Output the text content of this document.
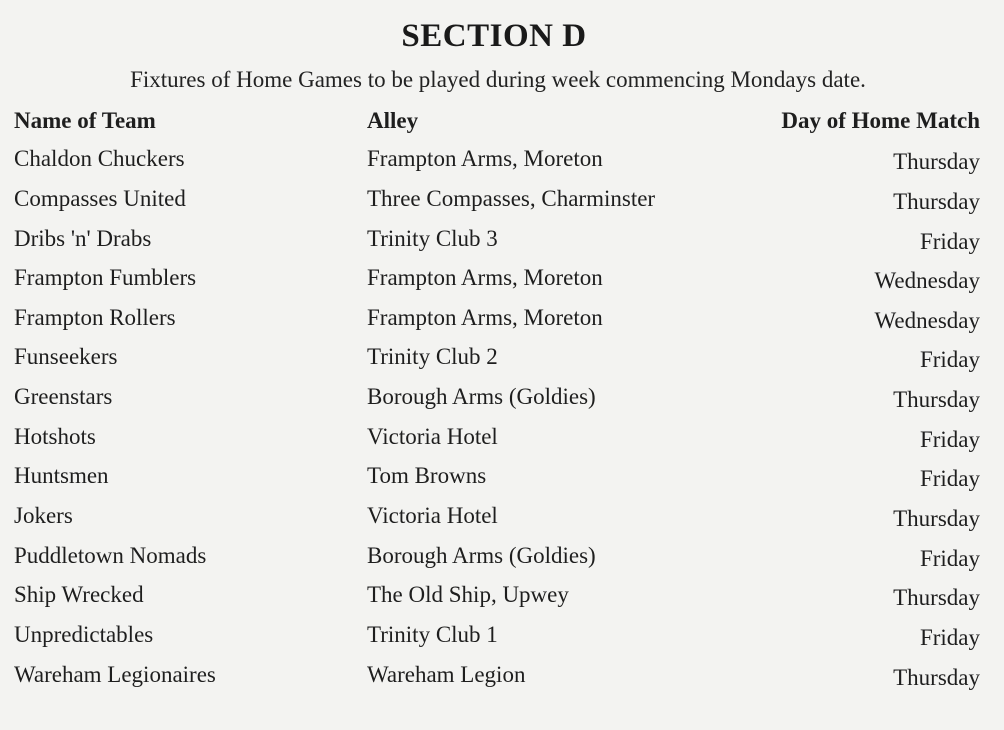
SECTION D
Fixtures of Home Games to be played during week commencing Mondays date.
Name of Team	Alley	Day of Home Match
Chaldon Chuckers	Frampton Arms, Moreton	Thursday
Compasses United	Three Compasses, Charminster	Thursday
Dribs 'n' Drabs	Trinity Club 3	Friday
Frampton Fumblers	Frampton Arms, Moreton	Wednesday
Frampton Rollers	Frampton Arms, Moreton	Wednesday
Funseekers	Trinity Club 2	Friday
Greenstars	Borough Arms (Goldies)	Thursday
Hotshots	Victoria Hotel	Friday
Huntsmen	Tom Browns	Friday
Jokers	Victoria Hotel	Thursday
Puddletown Nomads	Borough Arms (Goldies)	Friday
Ship Wrecked	The Old Ship, Upwey	Thursday
Unpredictables	Trinity Club 1	Friday
Wareham Legionaires	Wareham Legion	Thursday
